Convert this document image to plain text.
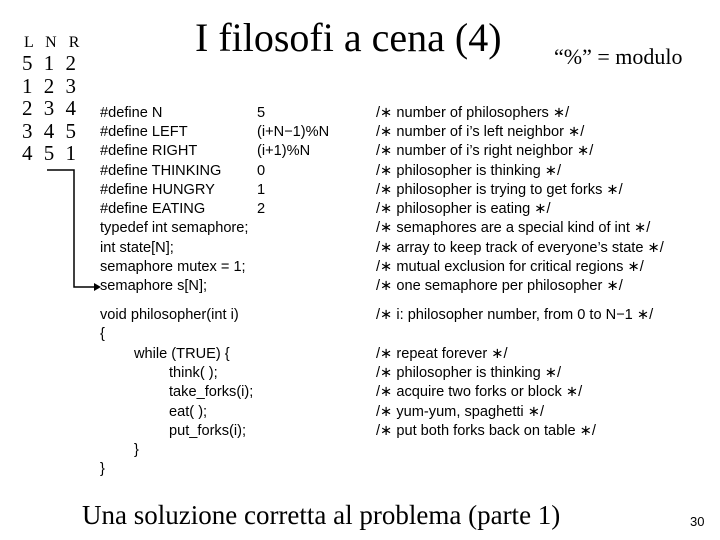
I filosofi a cena (4) “%” = modulo
L N R
5 1 2
1 2 3
2 3 4
3 4 5
4 5 1
#define N	5	/∗ number of philosophers ∗/
#define LEFT	(i+N−1)%N	/∗ number of i’s left neighbor ∗/
#define RIGHT	(i+1)%N	/∗ number of i’s right neighbor ∗/
#define THINKING 0	/∗ philosopher is thinking ∗/
#define HUNGRY	1	/∗ philosopher is trying to get forks ∗/
#define EATING	2	/∗ philosopher is eating ∗/
typedef int semaphore;	/∗ semaphores are a special kind of int ∗/
int state[N];	/∗ array to keep track of everyone’s state ∗/
semaphore mutex = 1;	/∗ mutual exclusion for critical regions ∗/
semaphore s[N];	/∗ one semaphore per philosopher ∗/
void philosopher(int i)	/∗ i: philosopher number, from 0 to N−1 ∗/
{
while (TRUE) {	/∗ repeat forever ∗/
think( );	/∗ philosopher is thinking ∗/
take_forks(i);	/∗ acquire two forks or block ∗/
eat( );	/∗ yum-yum, spaghetti ∗/
put_forks(i);	/∗ put both forks back on table ∗/
}
}
Una soluzione corretta al problema (parte 1)	30
